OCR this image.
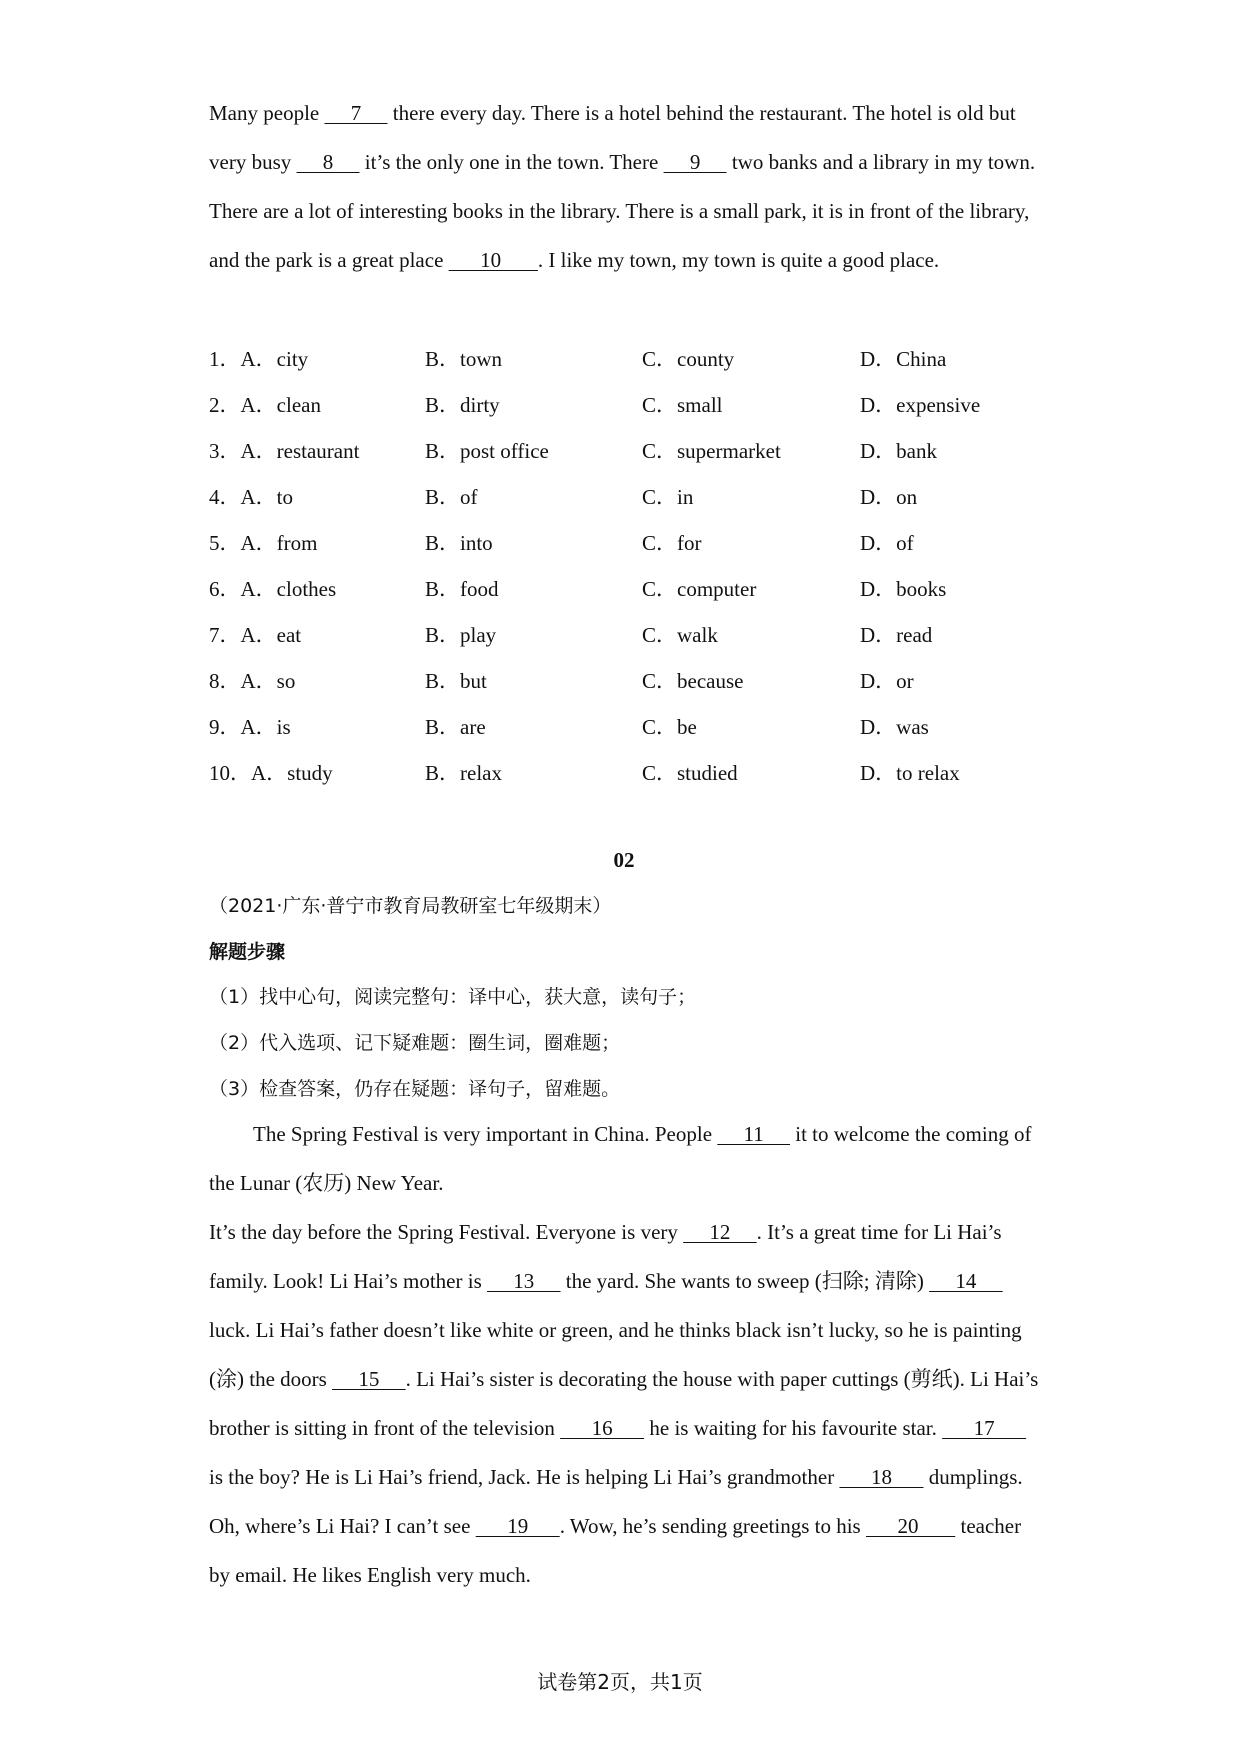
Many people      7      there every day. There is a hotel behind the restaurant. The hotel is old but very busy      8      it’s the only one in the town. There      9      two banks and a library in my town. There are a lot of interesting books in the library. There is a small park, it is in front of the library, and the park is a great place       10       . I like my town, my town is quite a good place.

1．A．city	B．town	C．county	D．China
2．A．clean	B．dirty	C．small	D．expensive
3．A．restaurant	B．post office	C．supermarket	D．bank
4．A．to	B．of	C．in	D．on
5．A．from	B．into	C．for	D．of
6．A．clothes	B．food	C．computer	D．books
7．A．eat	B．play	C．walk	D．read
8．A．so	B．but	C．because	D．or
9．A．is	B．are	C．be	D．was
10．A．study	B．relax	C．studied	D．to relax
02
（2021·广东·普宁市教育局教研室七年级期末）
解题步骤
（1）找中心句，阅读完整句：译中心，获大意，读句子；
（2）代入选项、记下疑难题：圈生词，圈难题；
（3）检查答案，仍存在疑题：译句子，留难题。

The Spring Festival is very important in China. People      11      it to welcome the coming of the Lunar (农历) New Year.

It’s the day before the Spring Festival. Everyone is very      12     . It’s a great time for Li Hai’s family. Look! Li Hai’s mother is      13      the yard. She wants to sweep (扫除; 清除)      14      luck. Li Hai’s father doesn’t like white or green, and he thinks black isn’t lucky, so he is painting (涂) the doors      15     . Li Hai’s sister is decorating the house with paper cuttings (剪纸). Li Hai’s brother is sitting in front of the television       16       he is waiting for his favourite star.       17       is the boy? He is Li Hai’s friend, Jack. He is helping Li Hai’s grandmother       18       dumplings. Oh, where’s Li Hai? I can’t see       19      . Wow, he’s sending greetings to his       20        teacher by email. He likes English very much.

试卷第2页，共1页
